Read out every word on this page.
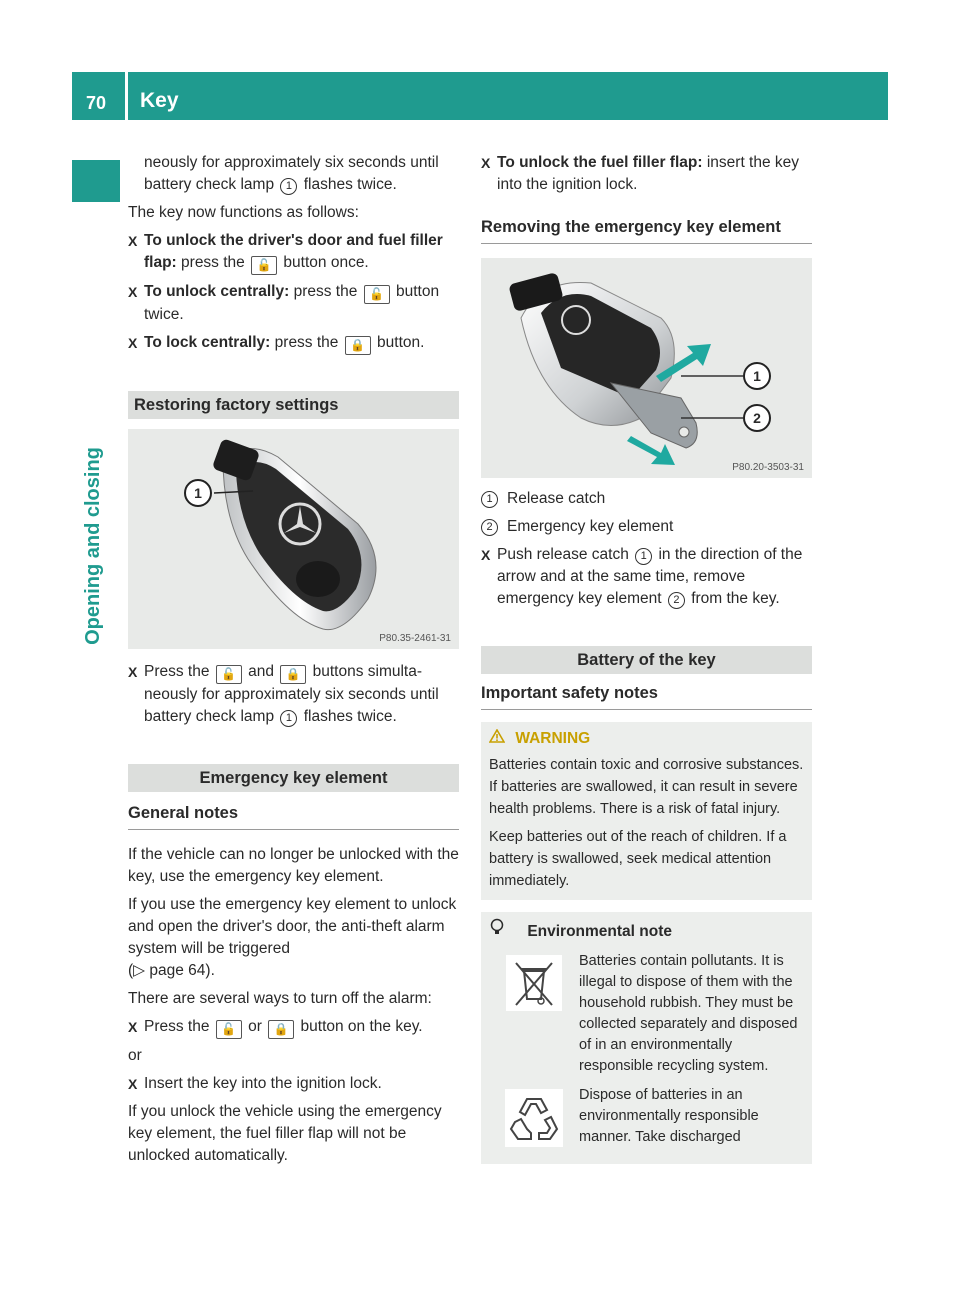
70 Key
Opening and closing

neously for approximately six seconds until
battery check lamp 1 flashes twice.

The key now functions as follows:

X To unlock the driver's door and fuel filler flap: press the 🔓 button once.
X To unlock centrally: press the 🔓 button twice.
X To lock centrally: press the 🔒 button.
Restoring factory settings
1
P80.35-2461-31
X Press the 🔓 and 🔒 buttons simultaneously for approximately six seconds until battery check lamp 1 flashes twice.
Emergency key element
General notes

If the vehicle can no longer be unlocked with the key, use the emergency key element.

If you use the emergency key element to unlock and open the driver's door, the anti-theft alarm system will be triggered
(▷ page 64).

There are several ways to turn off the alarm:

X Press the 🔓 or 🔒 button on the key.

or

X Insert the key into the ignition lock.

If you unlock the vehicle using the emergency key element, the fuel filler flap will not be unlocked automatically.

X To unlock the fuel filler flap: insert the key into the ignition lock.
Removing the emergency key element
1
2
P80.20-3503-31
1 Release catch
2 Emergency key element
X Push release catch 1 in the direction of the arrow and at the same time, remove emergency key element 2 from the key.
Battery of the key
Important safety notes
WARNING

Batteries contain toxic and corrosive substances. If batteries are swallowed, it can result in severe health problems. There is a risk of fatal injury.

Keep batteries out of the reach of children. If a battery is swallowed, seek medical attention immediately.

Environmental note
Batteries contain pollutants. It is illegal to dispose of them with the household rubbish. They must be collected separately and disposed of in an environmentally responsible recycling system.
Dispose of batteries in an environmentally responsible manner. Take discharged
